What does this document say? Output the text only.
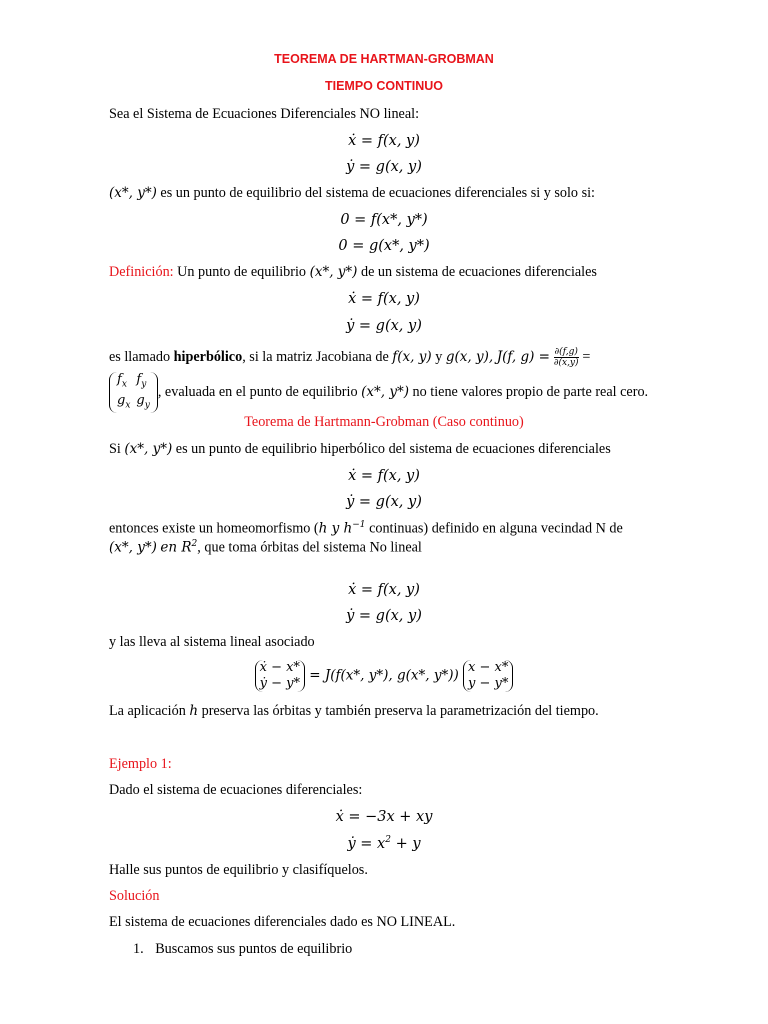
TEOREMA DE HARTMAN-GROBMAN
TIEMPO CONTINUO
Sea el Sistema de Ecuaciones Diferenciales NO lineal:
ẋ = f(x, y)
ẏ = g(x, y)
(x*, y*) es un punto de equilibrio del sistema de ecuaciones diferenciales si y solo si:
0 = f(x*, y*)
0 = g(x*, y*)
Definición: Un punto de equilibrio (x*, y*) de un sistema de ecuaciones diferenciales
ẋ = f(x, y)
ẏ = g(x, y)
es llamado hiperbólico, si la matriz Jacobiana de f(x, y) y g(x, y), J(f, $g) = \frac{\partial(f,g)}{\partial(x,y)}$ =
$f_x$	$f_y$
$g_x$	$g_y$
, evaluada en el punto de equilibrio (x*, y*) no tiene valores propio de parte real cero.
Teorema de Hartmann-Grobman (Caso continuo)
Si (x*, y*) es un punto de equilibrio hiperbólico del sistema de ecuaciones diferenciales
ẋ = f(x, y)
ẏ = g(x, y)
entonces existe un homeomorfismo (h y $h^{-1}$ continuas) definido en alguna vecindad N de
(x*, y*) en $R^2$, que toma órbitas del sistema No lineal
ẋ = f(x, y)
ẏ = g(x, y)
y las lleva al sistema lineal asociado
ẋ − x*
ẏ − y* = J(f(x*, y*), g(x*, y*)) x − x*
y − y*
La aplicación h preserva las órbitas y también preserva la parametrización del tiempo.
Ejemplo 1:
Dado el sistema de ecuaciones diferenciales:
ẋ = −3x + xy
ẏ = $x^2 + y$
Halle sus puntos de equilibrio y clasifíquelos.
Solución
El sistema de ecuaciones diferenciales dado es NO LINEAL.
1. Buscamos sus puntos de equilibrio
